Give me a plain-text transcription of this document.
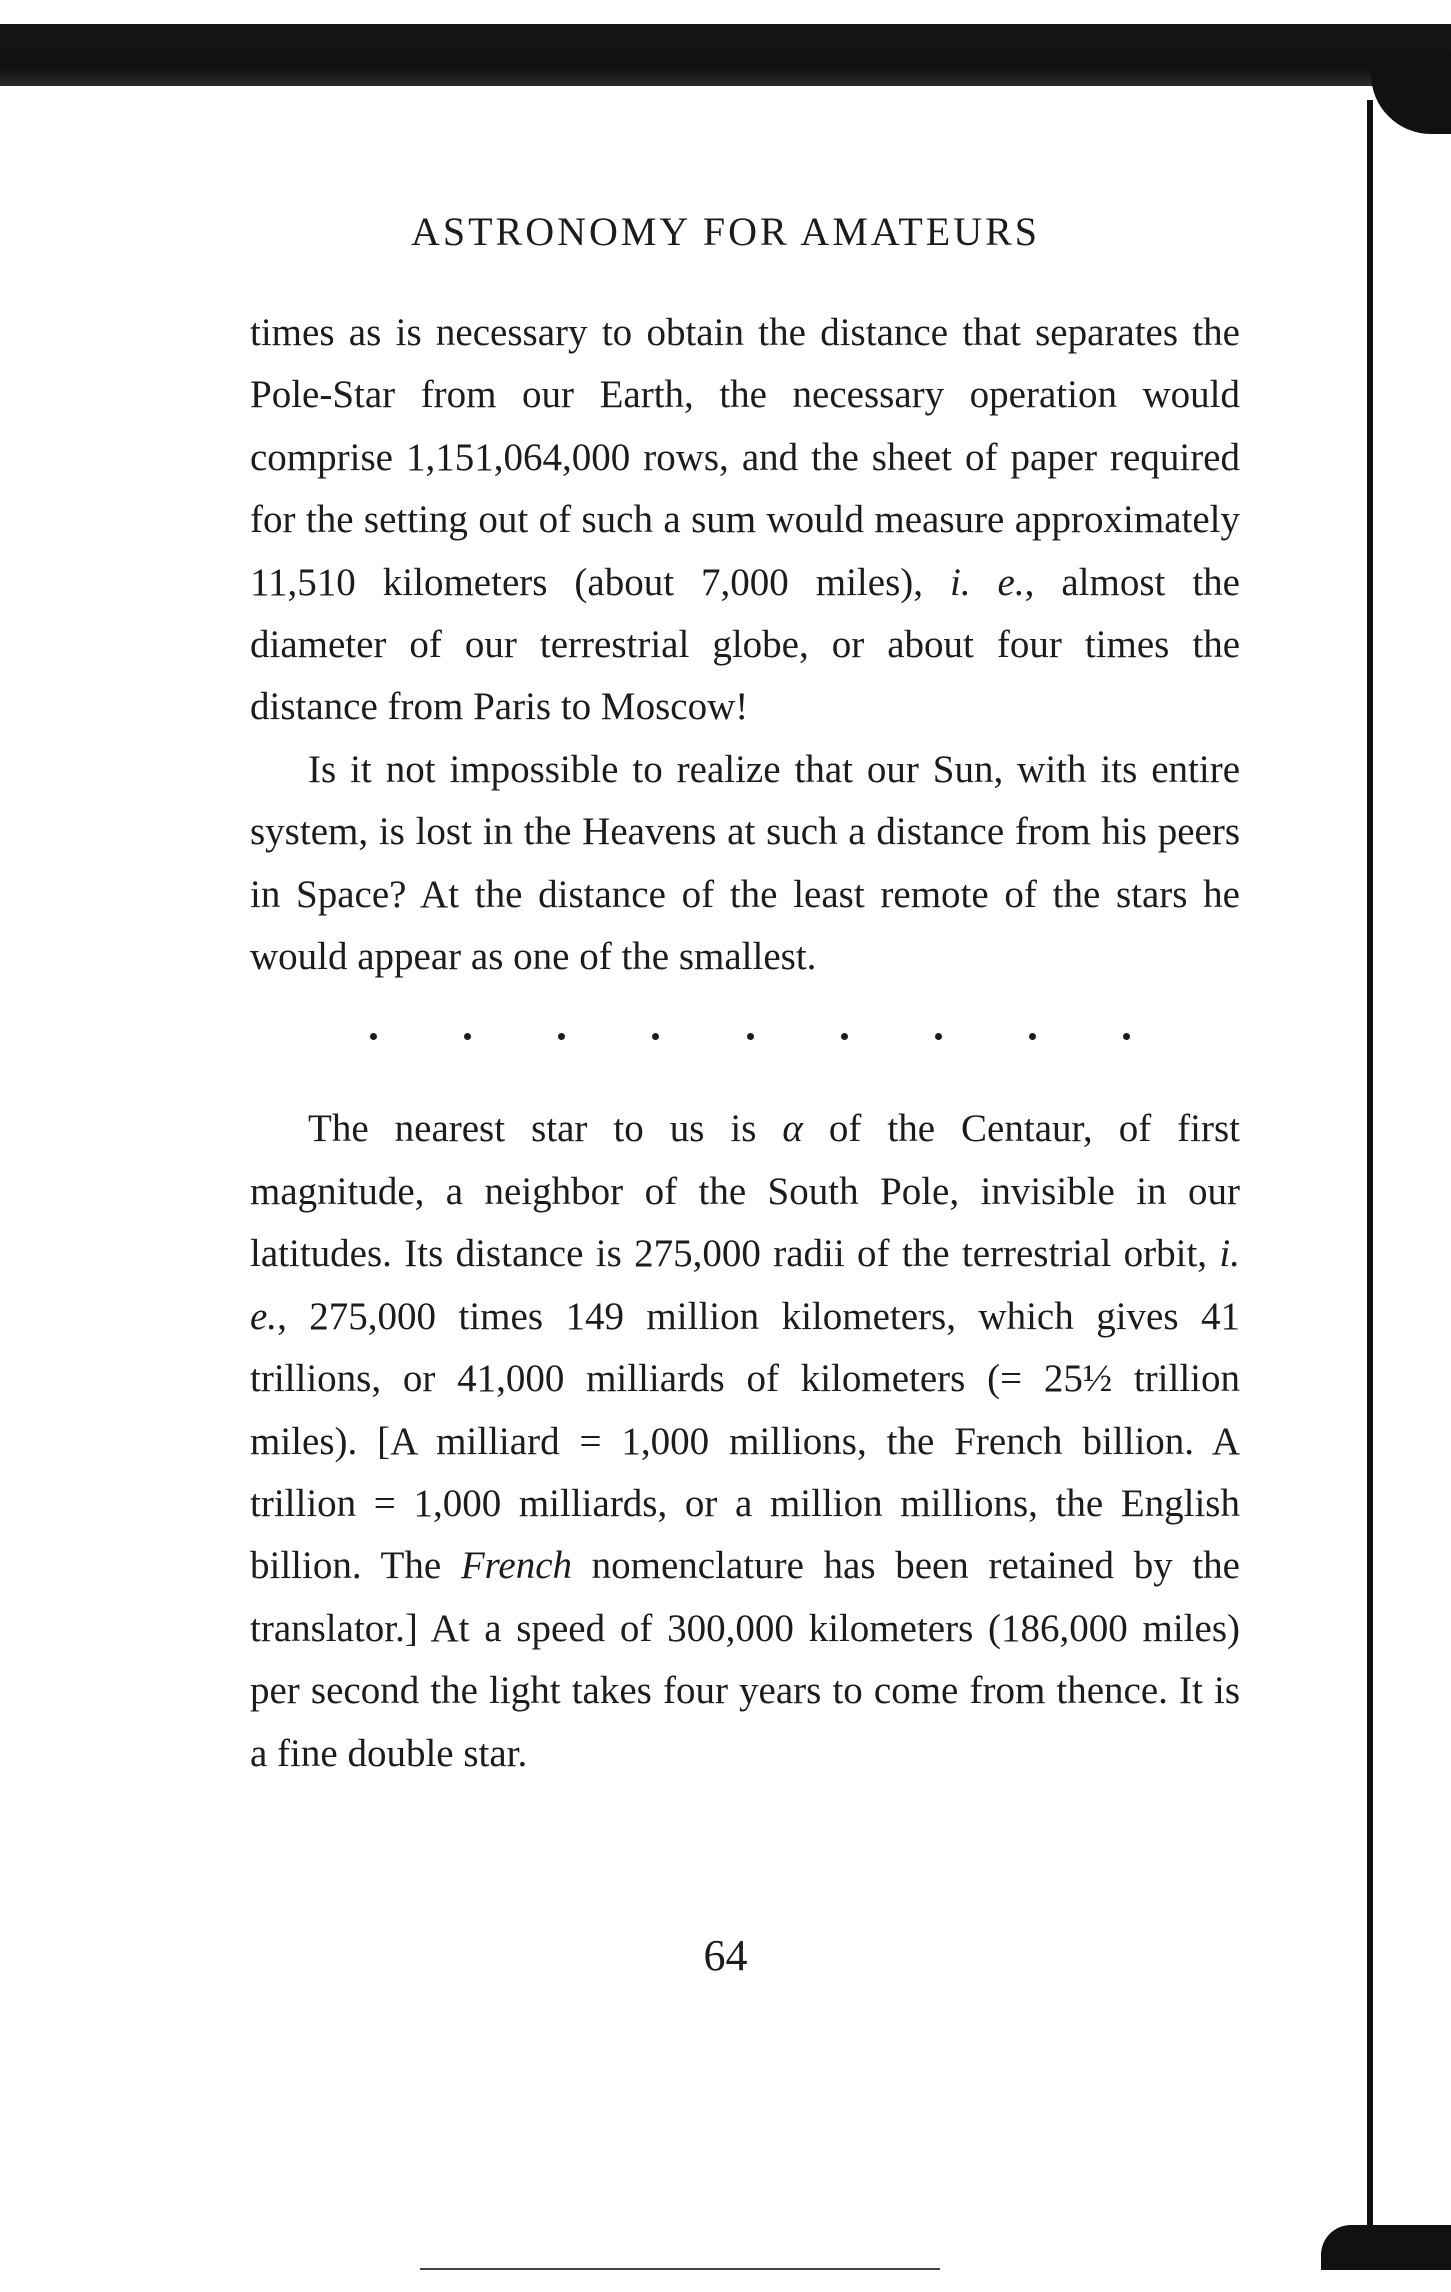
ASTRONOMY FOR AMATEURS

times as is necessary to obtain the distance that separates the Pole-Star from our Earth, the necessary operation would comprise 1,151,064,000 rows, and the sheet of paper required for the setting out of such a sum would measure approximately 11,510 kilometers (about 7,000 miles), i. e., almost the diameter of our terrestrial globe, or about four times the distance from Paris to Moscow!

Is it not impossible to realize that our Sun, with its entire system, is lost in the Heavens at such a distance from his peers in Space? At the distance of the least remote of the stars he would appear as one of the smallest.

The nearest star to us is α of the Centaur, of first magnitude, a neighbor of the South Pole, invisible in our latitudes. Its distance is 275,000 radii of the terrestrial orbit, i. e., 275,000 times 149 million kilometers, which gives 41 trillions, or 41,000 milliards of kilometers (= 25½ trillion miles). [A milliard = 1,000 millions, the French billion. A trillion = 1,000 milliards, or a million millions, the English billion. The French nomenclature has been retained by the translator.] At a speed of 300,000 kilometers (186,000 miles) per second the light takes four years to come from thence. It is a fine double star.

64
